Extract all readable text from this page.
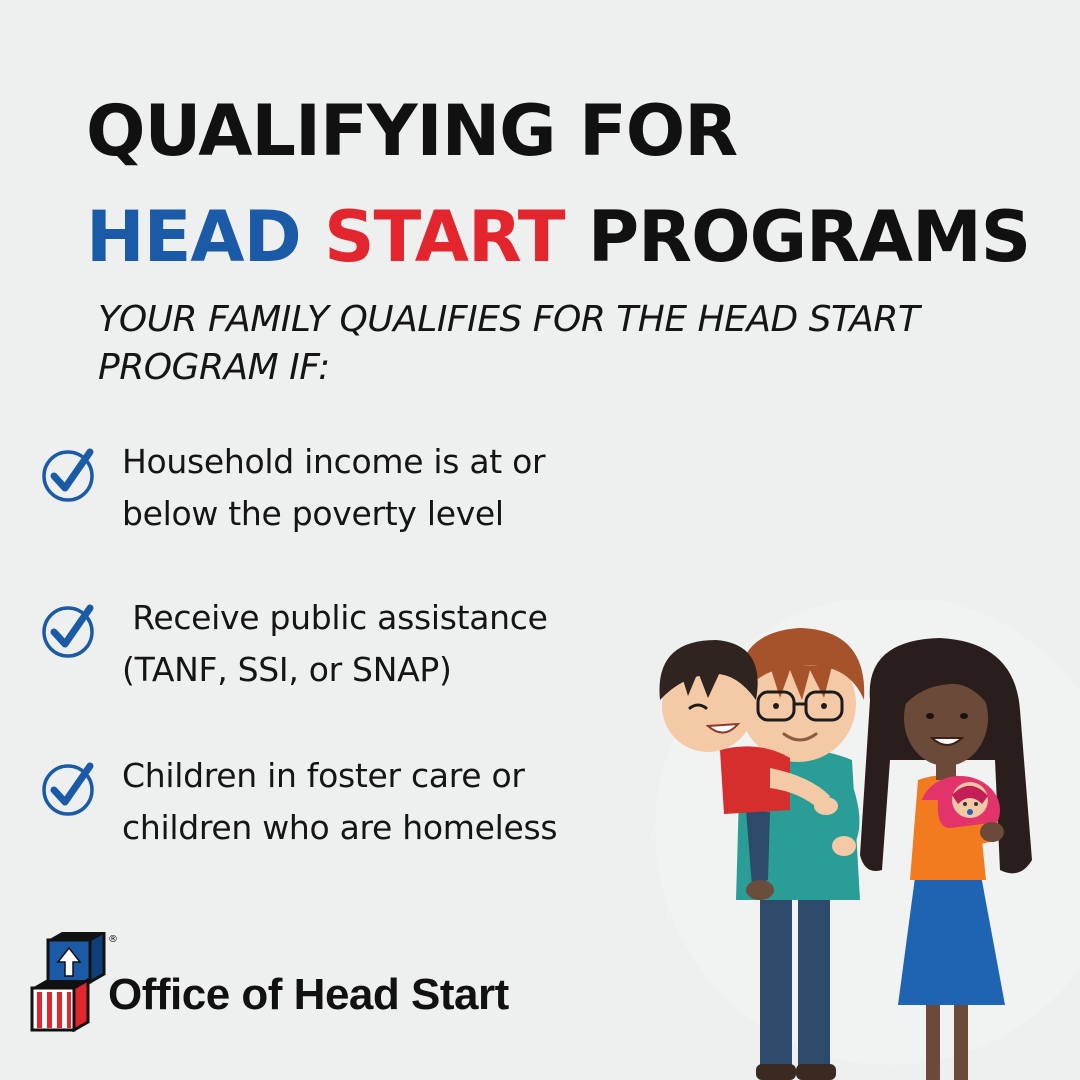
QUALIFYING FOR
HEAD START PROGRAMS
YOUR FAMILY QUALIFIES FOR THE HEAD START PROGRAM IF:
Household income is at or
below the poverty level
Receive public assistance
(TANF, SSI, or SNAP)
Children in foster care or
children who are homeless
®
Office of Head Start
